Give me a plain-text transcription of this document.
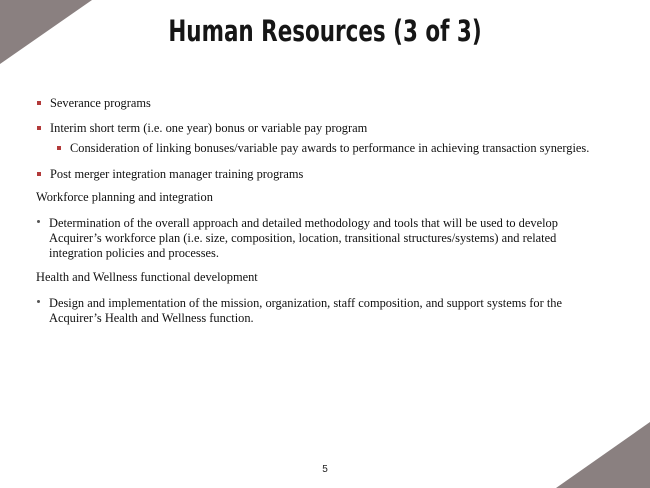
Human Resources (3 of 3)
Severance programs
Interim short term (i.e. one year) bonus or variable pay program
Consideration of linking bonuses/variable pay awards to performance in achieving transaction synergies.
Post merger integration manager training programs
Workforce planning and integration
Determination of the overall approach and detailed methodology and tools that will be used to develop Acquirer’s workforce plan (i.e. size, composition, location, transitional structures/systems) and related integration policies and processes.
Health and Wellness functional development
Design and implementation of the mission, organization, staff composition, and support systems for the Acquirer’s Health and Wellness function.
5
